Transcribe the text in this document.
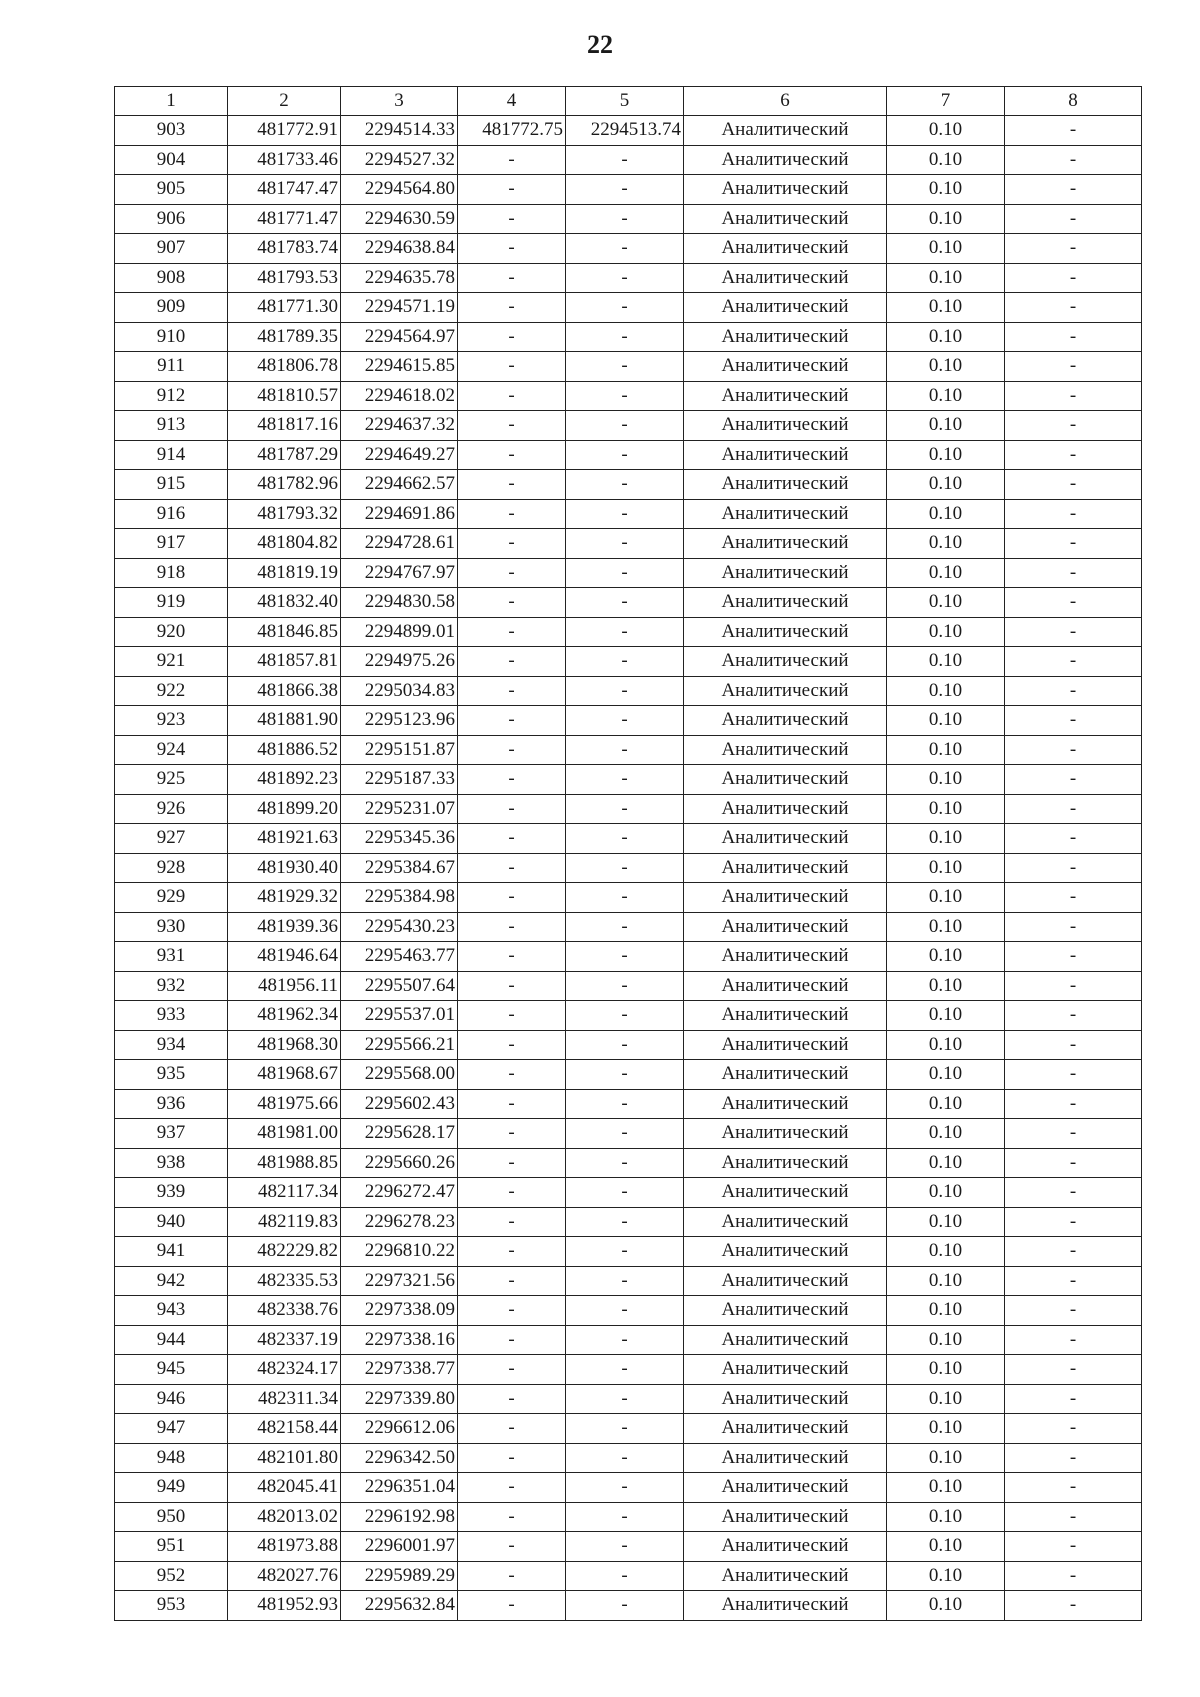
22
1	2	3	4	5	6	7	8
903	481772.91	2294514.33	481772.75	2294513.74	Аналитический	0.10	-
904	481733.46	2294527.32	-	-	Аналитический	0.10	-
905	481747.47	2294564.80	-	-	Аналитический	0.10	-
906	481771.47	2294630.59	-	-	Аналитический	0.10	-
907	481783.74	2294638.84	-	-	Аналитический	0.10	-
908	481793.53	2294635.78	-	-	Аналитический	0.10	-
909	481771.30	2294571.19	-	-	Аналитический	0.10	-
910	481789.35	2294564.97	-	-	Аналитический	0.10	-
911	481806.78	2294615.85	-	-	Аналитический	0.10	-
912	481810.57	2294618.02	-	-	Аналитический	0.10	-
913	481817.16	2294637.32	-	-	Аналитический	0.10	-
914	481787.29	2294649.27	-	-	Аналитический	0.10	-
915	481782.96	2294662.57	-	-	Аналитический	0.10	-
916	481793.32	2294691.86	-	-	Аналитический	0.10	-
917	481804.82	2294728.61	-	-	Аналитический	0.10	-
918	481819.19	2294767.97	-	-	Аналитический	0.10	-
919	481832.40	2294830.58	-	-	Аналитический	0.10	-
920	481846.85	2294899.01	-	-	Аналитический	0.10	-
921	481857.81	2294975.26	-	-	Аналитический	0.10	-
922	481866.38	2295034.83	-	-	Аналитический	0.10	-
923	481881.90	2295123.96	-	-	Аналитический	0.10	-
924	481886.52	2295151.87	-	-	Аналитический	0.10	-
925	481892.23	2295187.33	-	-	Аналитический	0.10	-
926	481899.20	2295231.07	-	-	Аналитический	0.10	-
927	481921.63	2295345.36	-	-	Аналитический	0.10	-
928	481930.40	2295384.67	-	-	Аналитический	0.10	-
929	481929.32	2295384.98	-	-	Аналитический	0.10	-
930	481939.36	2295430.23	-	-	Аналитический	0.10	-
931	481946.64	2295463.77	-	-	Аналитический	0.10	-
932	481956.11	2295507.64	-	-	Аналитический	0.10	-
933	481962.34	2295537.01	-	-	Аналитический	0.10	-
934	481968.30	2295566.21	-	-	Аналитический	0.10	-
935	481968.67	2295568.00	-	-	Аналитический	0.10	-
936	481975.66	2295602.43	-	-	Аналитический	0.10	-
937	481981.00	2295628.17	-	-	Аналитический	0.10	-
938	481988.85	2295660.26	-	-	Аналитический	0.10	-
939	482117.34	2296272.47	-	-	Аналитический	0.10	-
940	482119.83	2296278.23	-	-	Аналитический	0.10	-
941	482229.82	2296810.22	-	-	Аналитический	0.10	-
942	482335.53	2297321.56	-	-	Аналитический	0.10	-
943	482338.76	2297338.09	-	-	Аналитический	0.10	-
944	482337.19	2297338.16	-	-	Аналитический	0.10	-
945	482324.17	2297338.77	-	-	Аналитический	0.10	-
946	482311.34	2297339.80	-	-	Аналитический	0.10	-
947	482158.44	2296612.06	-	-	Аналитический	0.10	-
948	482101.80	2296342.50	-	-	Аналитический	0.10	-
949	482045.41	2296351.04	-	-	Аналитический	0.10	-
950	482013.02	2296192.98	-	-	Аналитический	0.10	-
951	481973.88	2296001.97	-	-	Аналитический	0.10	-
952	482027.76	2295989.29	-	-	Аналитический	0.10	-
953	481952.93	2295632.84	-	-	Аналитический	0.10	-
